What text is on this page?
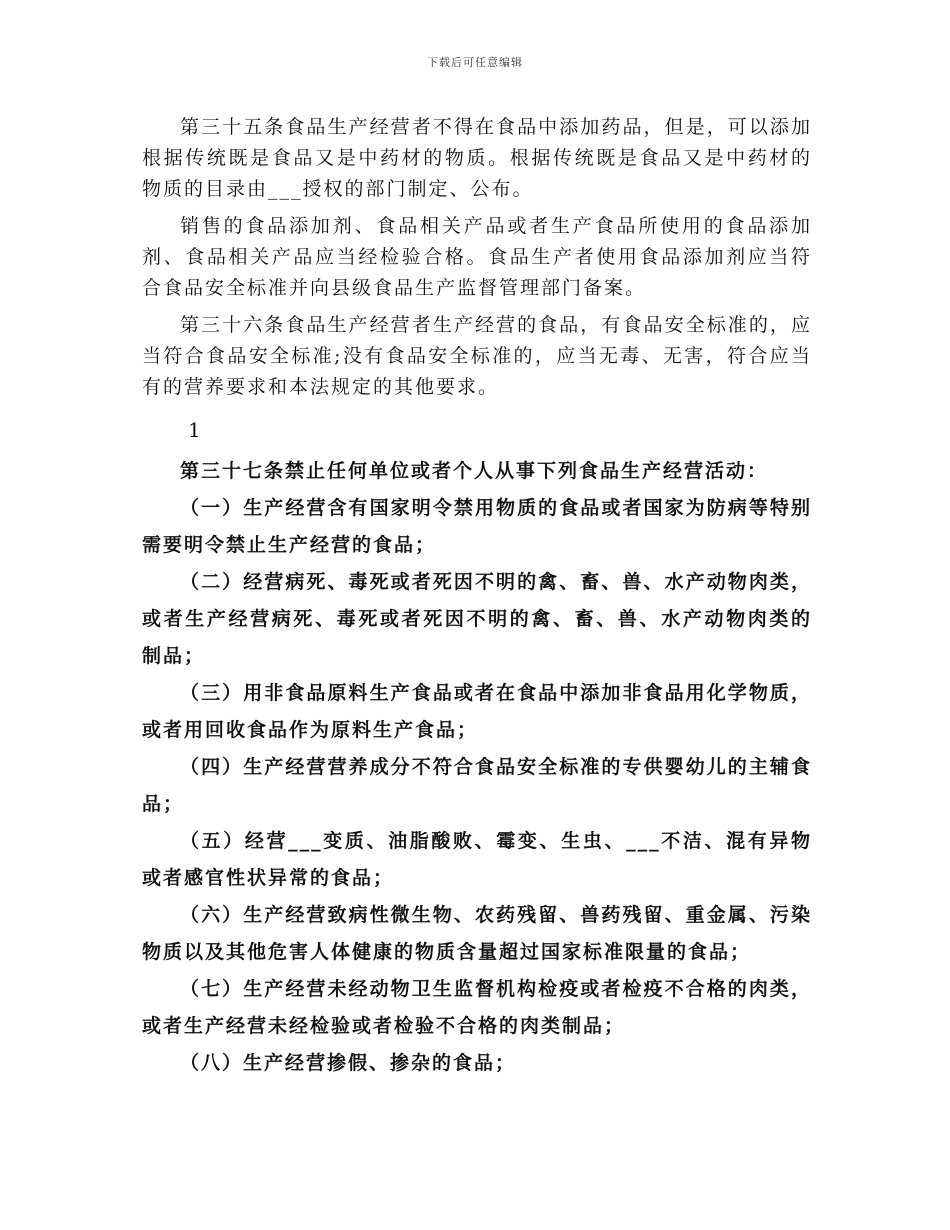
下载后可任意编辑

第三十五条食品生产经营者不得在食品中添加药品，但是，可以添加根据传统既是食品又是中药材的物质。根据传统既是食品又是中药材的物质的目录由___授权的部门制定、公布。

销售的食品添加剂、食品相关产品或者生产食品所使用的食品添加剂、食品相关产品应当经检验合格。食品生产者使用食品添加剂应当符合食品安全标准并向县级食品生产监督管理部门备案。

第三十六条食品生产经营者生产经营的食品，有食品安全标准的，应当符合食品安全标准;没有食品安全标准的，应当无毒、无害，符合应当有的营养要求和本法规定的其他要求。

1

第三十七条禁止任何单位或者个人从事下列食品生产经营活动：

（一）生产经营含有国家明令禁用物质的食品或者国家为防病等特别需要明令禁止生产经营的食品；

（二）经营病死、毒死或者死因不明的禽、畜、兽、水产动物肉类，或者生产经营病死、毒死或者死因不明的禽、畜、兽、水产动物肉类的制品；

（三）用非食品原料生产食品或者在食品中添加非食品用化学物质，或者用回收食品作为原料生产食品；

（四）生产经营营养成分不符合食品安全标准的专供婴幼儿的主辅食品；

（五）经营___变质、油脂酸败、霉变、生虫、___不洁、混有异物或者感官性状异常的食品；

（六）生产经营致病性微生物、农药残留、兽药残留、重金属、污染物质以及其他危害人体健康的物质含量超过国家标准限量的食品；

（七）生产经营未经动物卫生监督机构检疫或者检疫不合格的肉类，或者生产经营未经检验或者检验不合格的肉类制品；

（八）生产经营掺假、掺杂的食品；
